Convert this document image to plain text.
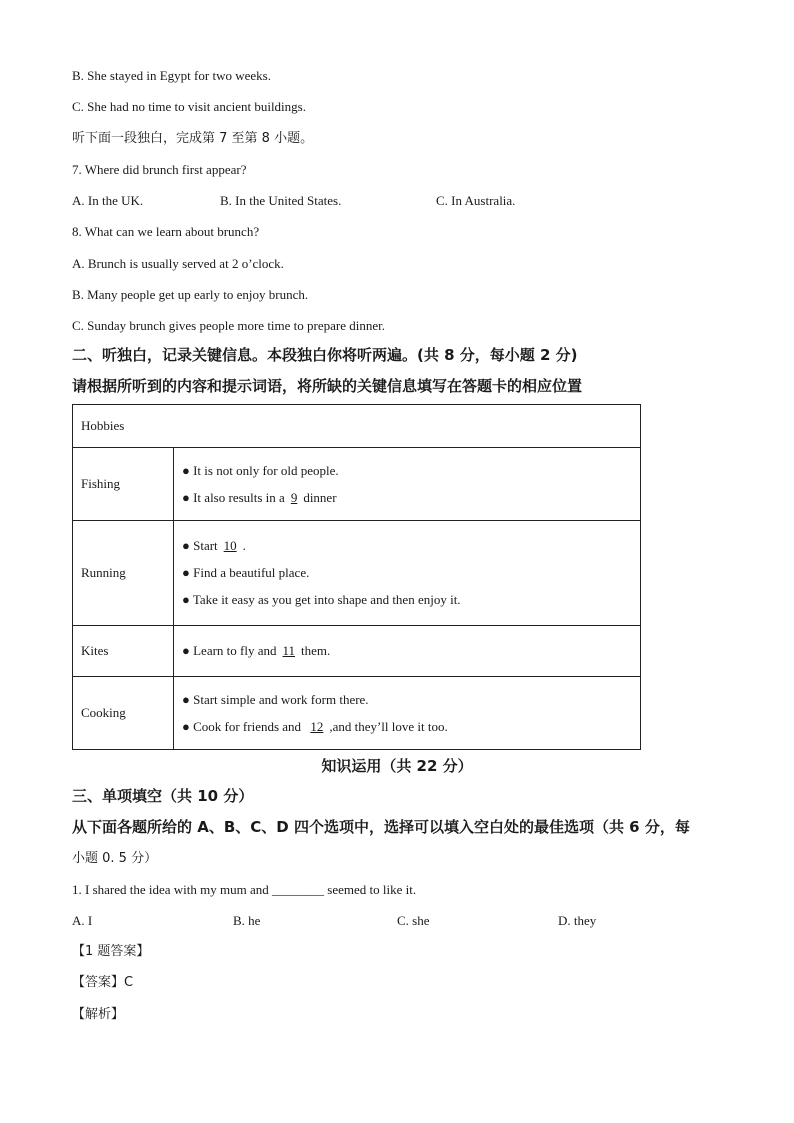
B. She stayed in Egypt for two weeks.
C. She had no time to visit ancient buildings.
听下面一段独白，完成第 7 至第 8 小题。
7. Where did brunch first appear?
A. In the UK.	B. In the United States.	C. In Australia.
8. What can we learn about brunch?
A. Brunch is usually served at 2 o’clock.
B. Many people get up early to enjoy brunch.
C. Sunday brunch gives people more time to prepare dinner.
二、听独白，记录关键信息。本段独白你将听两遍。(共 8 分，每小题 2 分)
请根据所听到的内容和提示词语，将所缺的关键信息填写在答题卡的相应位置
Hobbies	
Fishing	● It is not only for old people.
● It also results in a 9 dinner

Running	● Start 10 .
● Find a beautiful place.
● Take it easy as you get into shape and then enjoy it.

Kites	● Learn to fly and 11 them.

Cooking	● Start simple and work form there.
● Cook for friends and 12 ,and they’ll love it too.
知识运用（共 22 分）
三、单项填空（共 10 分）
从下面各题所给的 A、B、C、D 四个选项中，选择可以填入空白处的最佳选项（共 6 分，每
小题 0. 5 分）
1. I shared the idea with my mum and ________ seemed to like it.
A. I	B. he	C. she	D. they
【1 题答案】
【答案】C
【解析】
